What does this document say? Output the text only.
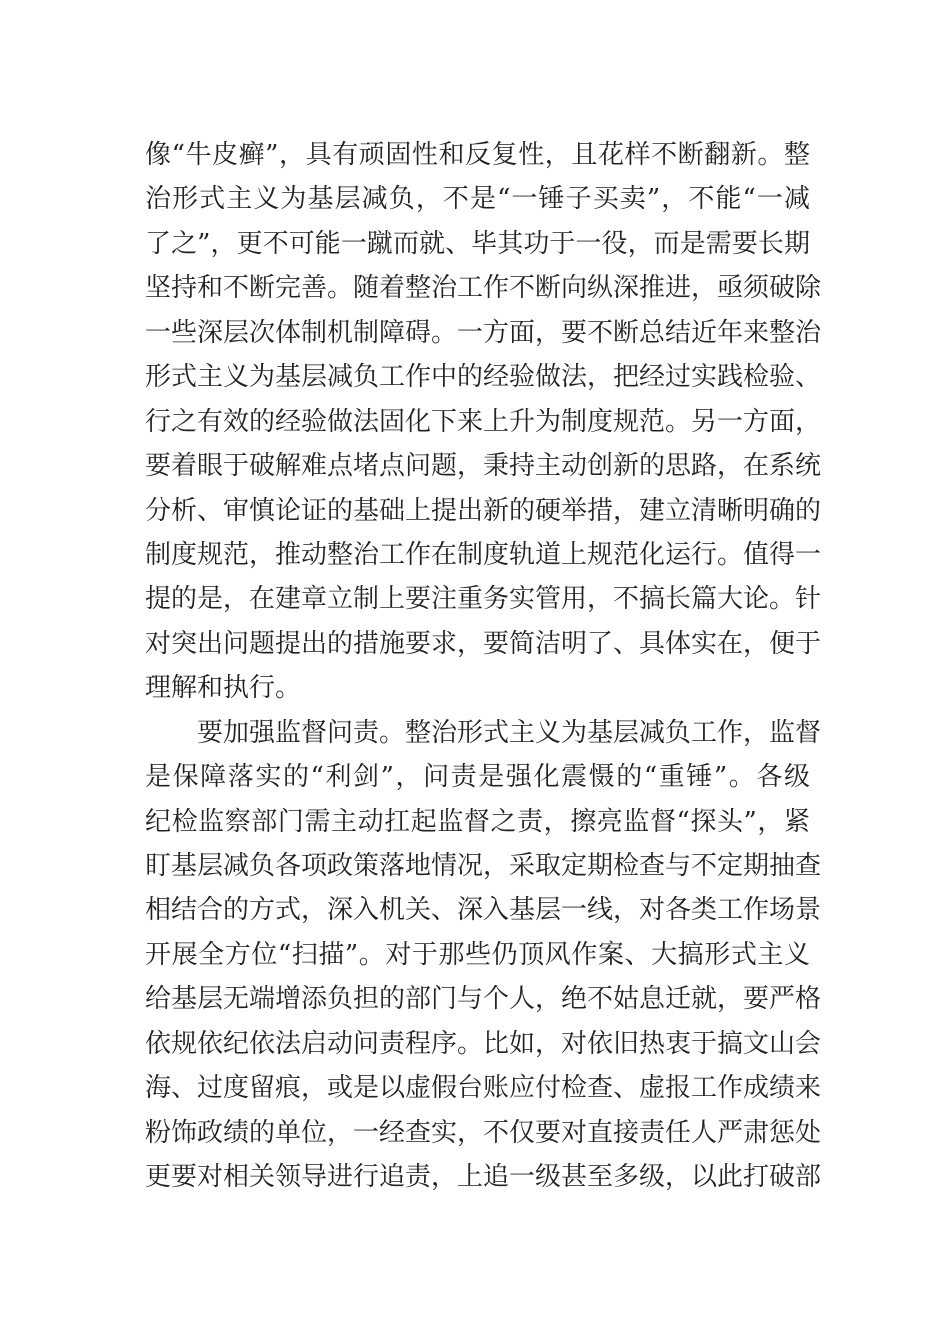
像“牛皮癣”，具有顽固性和反复性，且花样不断翻新。整
治形式主义为基层减负，不是“一锤子买卖”，不能“一减
了之”，更不可能一蹴而就、毕其功于一役，而是需要长期
坚持和不断完善。随着整治工作不断向纵深推进，亟须破除
一些深层次体制机制障碍。一方面，要不断总结近年来整治
形式主义为基层减负工作中的经验做法，把经过实践检验、
行之有效的经验做法固化下来上升为制度规范。另一方面，
要着眼于破解难点堵点问题，秉持主动创新的思路，在系统
分析、审慎论证的基础上提出新的硬举措，建立清晰明确的
制度规范，推动整治工作在制度轨道上规范化运行。值得一
提的是，在建章立制上要注重务实管用，不搞长篇大论。针
对突出问题提出的措施要求，要简洁明了、具体实在，便于
理解和执行。
要加强监督问责。整治形式主义为基层减负工作，监督
是保障落实的“利剑”，问责是强化震慑的“重锤”。各级
纪检监察部门需主动扛起监督之责，擦亮监督“探头”，紧
盯基层减负各项政策落地情况，采取定期检查与不定期抽查
相结合的方式，深入机关、深入基层一线，对各类工作场景
开展全方位“扫描”。对于那些仍顶风作案、大搞形式主义
给基层无端增添负担的部门与个人，绝不姑息迁就，要严格
依规依纪依法启动问责程序。比如，对依旧热衷于搞文山会
海、过度留痕，或是以虚假台账应付检查、虚报工作成绩来
粉饰政绩的单位，一经查实，不仅要对直接责任人严肃惩处
更要对相关领导进行追责，上追一级甚至多级，以此打破部
